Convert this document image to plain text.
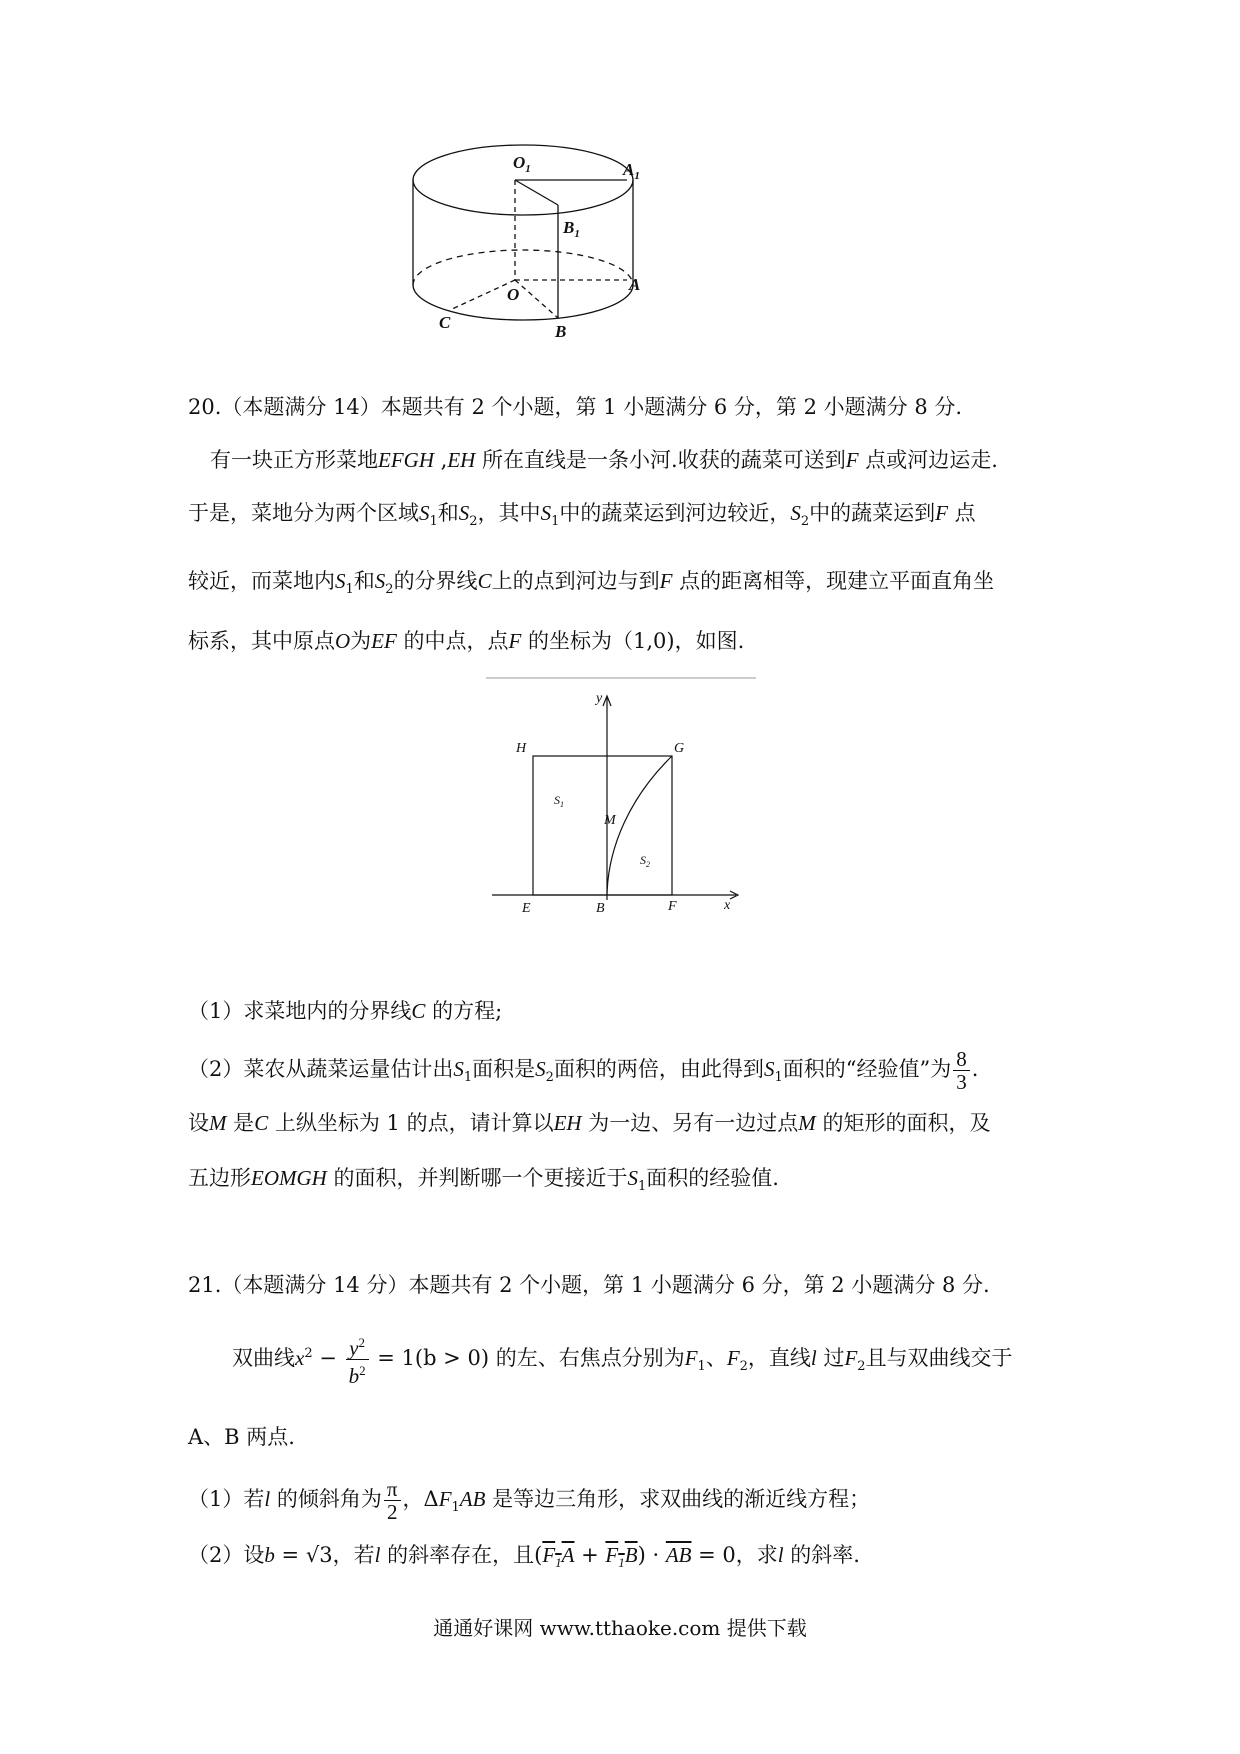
$O_1$	$A_1$
$B_1$
O
A
B
C
20.（本题满分 14）本题共有 2 个小题，第 1 小题满分 6 分，第 2 小题满分 8 分.
有一块正方形菜地EFGH ,EH 所在直线是一条小河.收获的蔬菜可送到F 点或河边运走.
于是，菜地分为两个区域$S_1$和$S_2$，其中$S_1$中的蔬菜运到河边较近，$S_2$中的蔬菜运到F 点
较近，而菜地内$S_1$和$S_2$的分界线C上的点到河边与到F 点的距离相等，现建立平面直角坐
标系，其中原点O为EF 的中点，点F 的坐标为（1,0)，如图.
y
x
H	G
E	B	F
M
$S_1$
$S_2$
（1）求菜地内的分界线C 的方程;
（2）菜农从蔬菜运量估计出$S_1$面积是$S_2$面积的两倍，由此得到$S_1$面积的“经验值”为 $\frac{8}{3}$ .
设M 是C 上纵坐标为 1 的点，请计算以EH 为一边、另有一边过点M 的矩形的面积，及
五边形EOMGH 的面积，并判断哪一个更接近于$S_1$面积的经验值.
21.（本题满分 14 分）本题共有 2 个小题，第 1 小题满分 6 分，第 2 小题满分 8 分.
双曲线$x^2 - \frac{y^2}{b^2} = 1(b > 0)$ 的左、右焦点分别为$F_1$、$F_2$，直线l 过$F_2$且与双曲线交于
A、B 两点.
（1）若l 的倾斜角为 $\frac{\pi}{2}$ ，$\Delta F_1AB$ 是等边三角形，求双曲线的渐近线方程；
（2）设b = √3，若l 的斜率存在，且$(F_1A + F_1B) \cdot \overline{AB} = 0$，求l 的斜率.
通通好课网 www.tthaoke.com 提供下载
